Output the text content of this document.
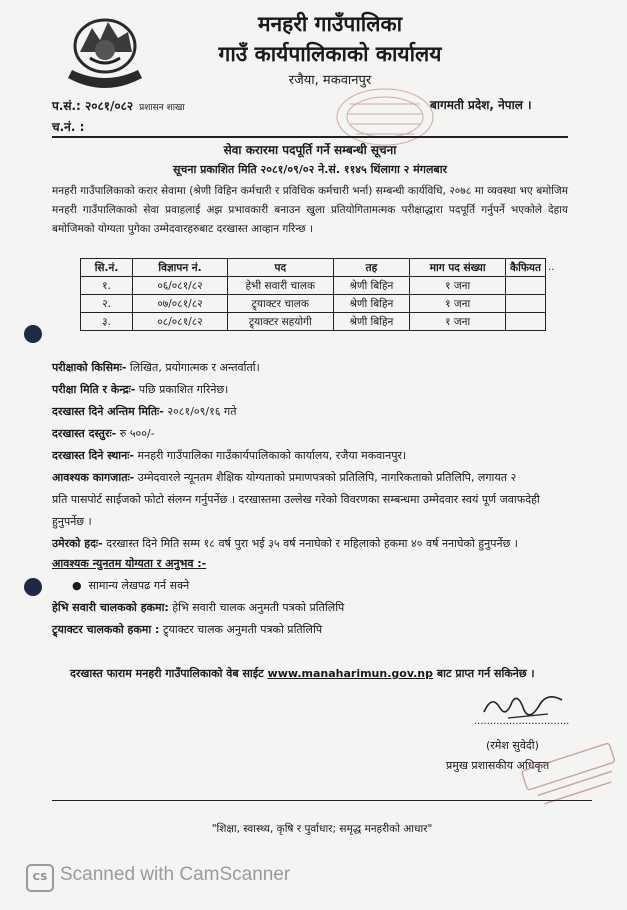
मनहरी गाउँपालिका
गाउँ कार्यपालिकाको कार्यालय
रजैया, मकवानपुर
प.सं.: २०८१/०८२ प्रशासन शाखा
च.नं. :
बागमती प्रदेश, नेपाल ।
सेवा करारमा पदपूर्ति गर्ने सम्बन्धी सूचना
सूचना प्रकाशित मिति २०८१/०९/०२ ने.सं. ११४५ थिंलागा २ मंगलबार
मनहरी गाउँपालिकाको करार सेवामा (श्रेणी विहिन कर्मचारी र प्रविधिक कर्मचारी भर्ना) सम्बन्धी कार्यविधि, २०७८ मा व्यवस्था भए बमोजिम मनहरी गाउँपालिकाको सेवा प्रवाहलाई अझ प्रभावकारी बनाउन खुला प्रतियोगितामत्मक परीक्षाद्धारा पदपूर्ति गर्नुपर्ने भएकोले देहाय बमोजिमको योग्यता पुगेका उम्मेदवारहरुबाट दरखास्त आव्हान गरिन्छ ।
सि.नं.	विज्ञापन नं.	पद	तह	माग पद संख्या	कैफियत
१.	०६/०८१/८२	हेभी सवारी चालक	श्रेणी बिहिन	१ जना	
२.	०७/०८१/८२	ट्र्याक्टर चालक	श्रेणी बिहिन	१ जना	
३.	०८/०८१/८२	ट्र्याक्टर सहयोगी	श्रेणी बिहिन	१ जना	
..
परीक्षाको किसिमः- लिखित, प्रयोगात्मक र अन्तर्वार्ता।
परीक्षा मिति र केन्द्रः- पछि प्रकाशित गरिनेछ।
दरखास्त दिने अन्तिम मितिः- २०८१/०९/१६ गते
दरखास्त दस्तुरः- रु ५००/-
दरखास्त दिने स्थानः- मनहरी गाउँपालिका गाउँकार्यपालिकाको कार्यालय, रजैया मकवानपुर।
आवश्यक कागजातः- उम्मेदवारले न्यूनतम शैक्षिक योग्यताको प्रमाणपत्रको प्रतिलिपि, नागरिकताको प्रतिलिपि, लगायत २
प्रति पासपोर्ट साईजको फोटो संलग्न गर्नुपर्नेछ । दरखास्तमा उल्लेख गरेको विवरणका सम्बन्धमा उम्मेदवार स्वयं पूर्ण जवाफदेही
हुनुपर्नेछ ।
उमेरको हदः- दरखास्त दिने मिति सम्म १८ वर्ष पुरा भई ३५ वर्ष ननाघेको र महिलाको हकमा ४० वर्ष ननाघेको हुनुपर्नेछ ।
आवश्यक न्युनतम योग्यता र अनुभव :-
●  सामान्य लेखपढ गर्न सक्ने
हेभि सवारी चालकको हकमा: हेभि सवारी चालक अनुमती पत्रको प्रतिलिपि
ट्र्याक्टर चालकको हकमा : ट्र्याक्टर चालक अनुमती पत्रको प्रतिलिपि
दरखास्त फाराम मनहरी गाउँपालिकाको वेब साईट www.manaharimun.gov.np बाट प्राप्त गर्न सकिनेछ ।
..............................
(रमेश सुवेदी)
प्रमुख प्रशासकीय अधिकृत
"शिक्षा, स्वास्थ्य, कृषि र पुर्वाधार; समृद्ध मनहरीको आधार"
CS Scanned with CamScanner
